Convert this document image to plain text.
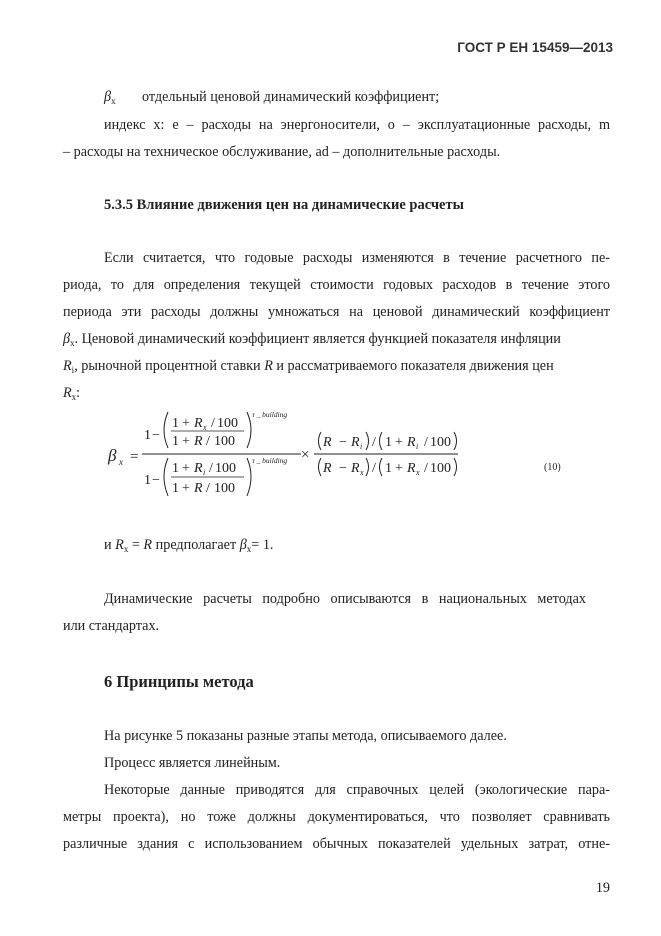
ГОСТ Р ЕН 15459—2013
$\beta_x$ отдельный ценовой динамический коэффициент;
индекс x: e – расходы на энергоносители, o – эксплуатационные расходы, m
– расходы на техническое обслуживание, ad – дополнительные расходы.
5.3.5 Влияние движения цен на динамические расчеты
Если считается, что годовые расходы изменяются в течение расчетного пе-
риода, то для определения текущей стоимости годовых расходов в течение этого
периода эти расходы должны умножаться на ценовой динамический коэффициент
$\beta_x$. Ценовой динамический коэффициент является функцией показателя инфляции
$R_i$, рыночной процентной ставки R и рассматриваемого показателя движения цен
$R_x$:
β x =
1 −
1 + R x / 100
1 + R / 100
τ _ building
1 −
1 + R i / 100
1 + R / 100
τ _ building ×
R − R i / 1 + R i / 100
R − R x / 1 + R x / 100	(10)
и $R_x = R$ предполагает $\beta_x= 1$.
Динамические расчеты подробно описываются в национальных методах
или стандартах.
6 Принципы метода
На рисунке 5 показаны разные этапы метода, описываемого далее.
Процесс является линейным.
Некоторые данные приводятся для справочных целей (экологические пара-
метры проекта), но тоже должны документироваться, что позволяет сравнивать
различные здания с использованием обычных показателей удельных затрат, отне-
19
